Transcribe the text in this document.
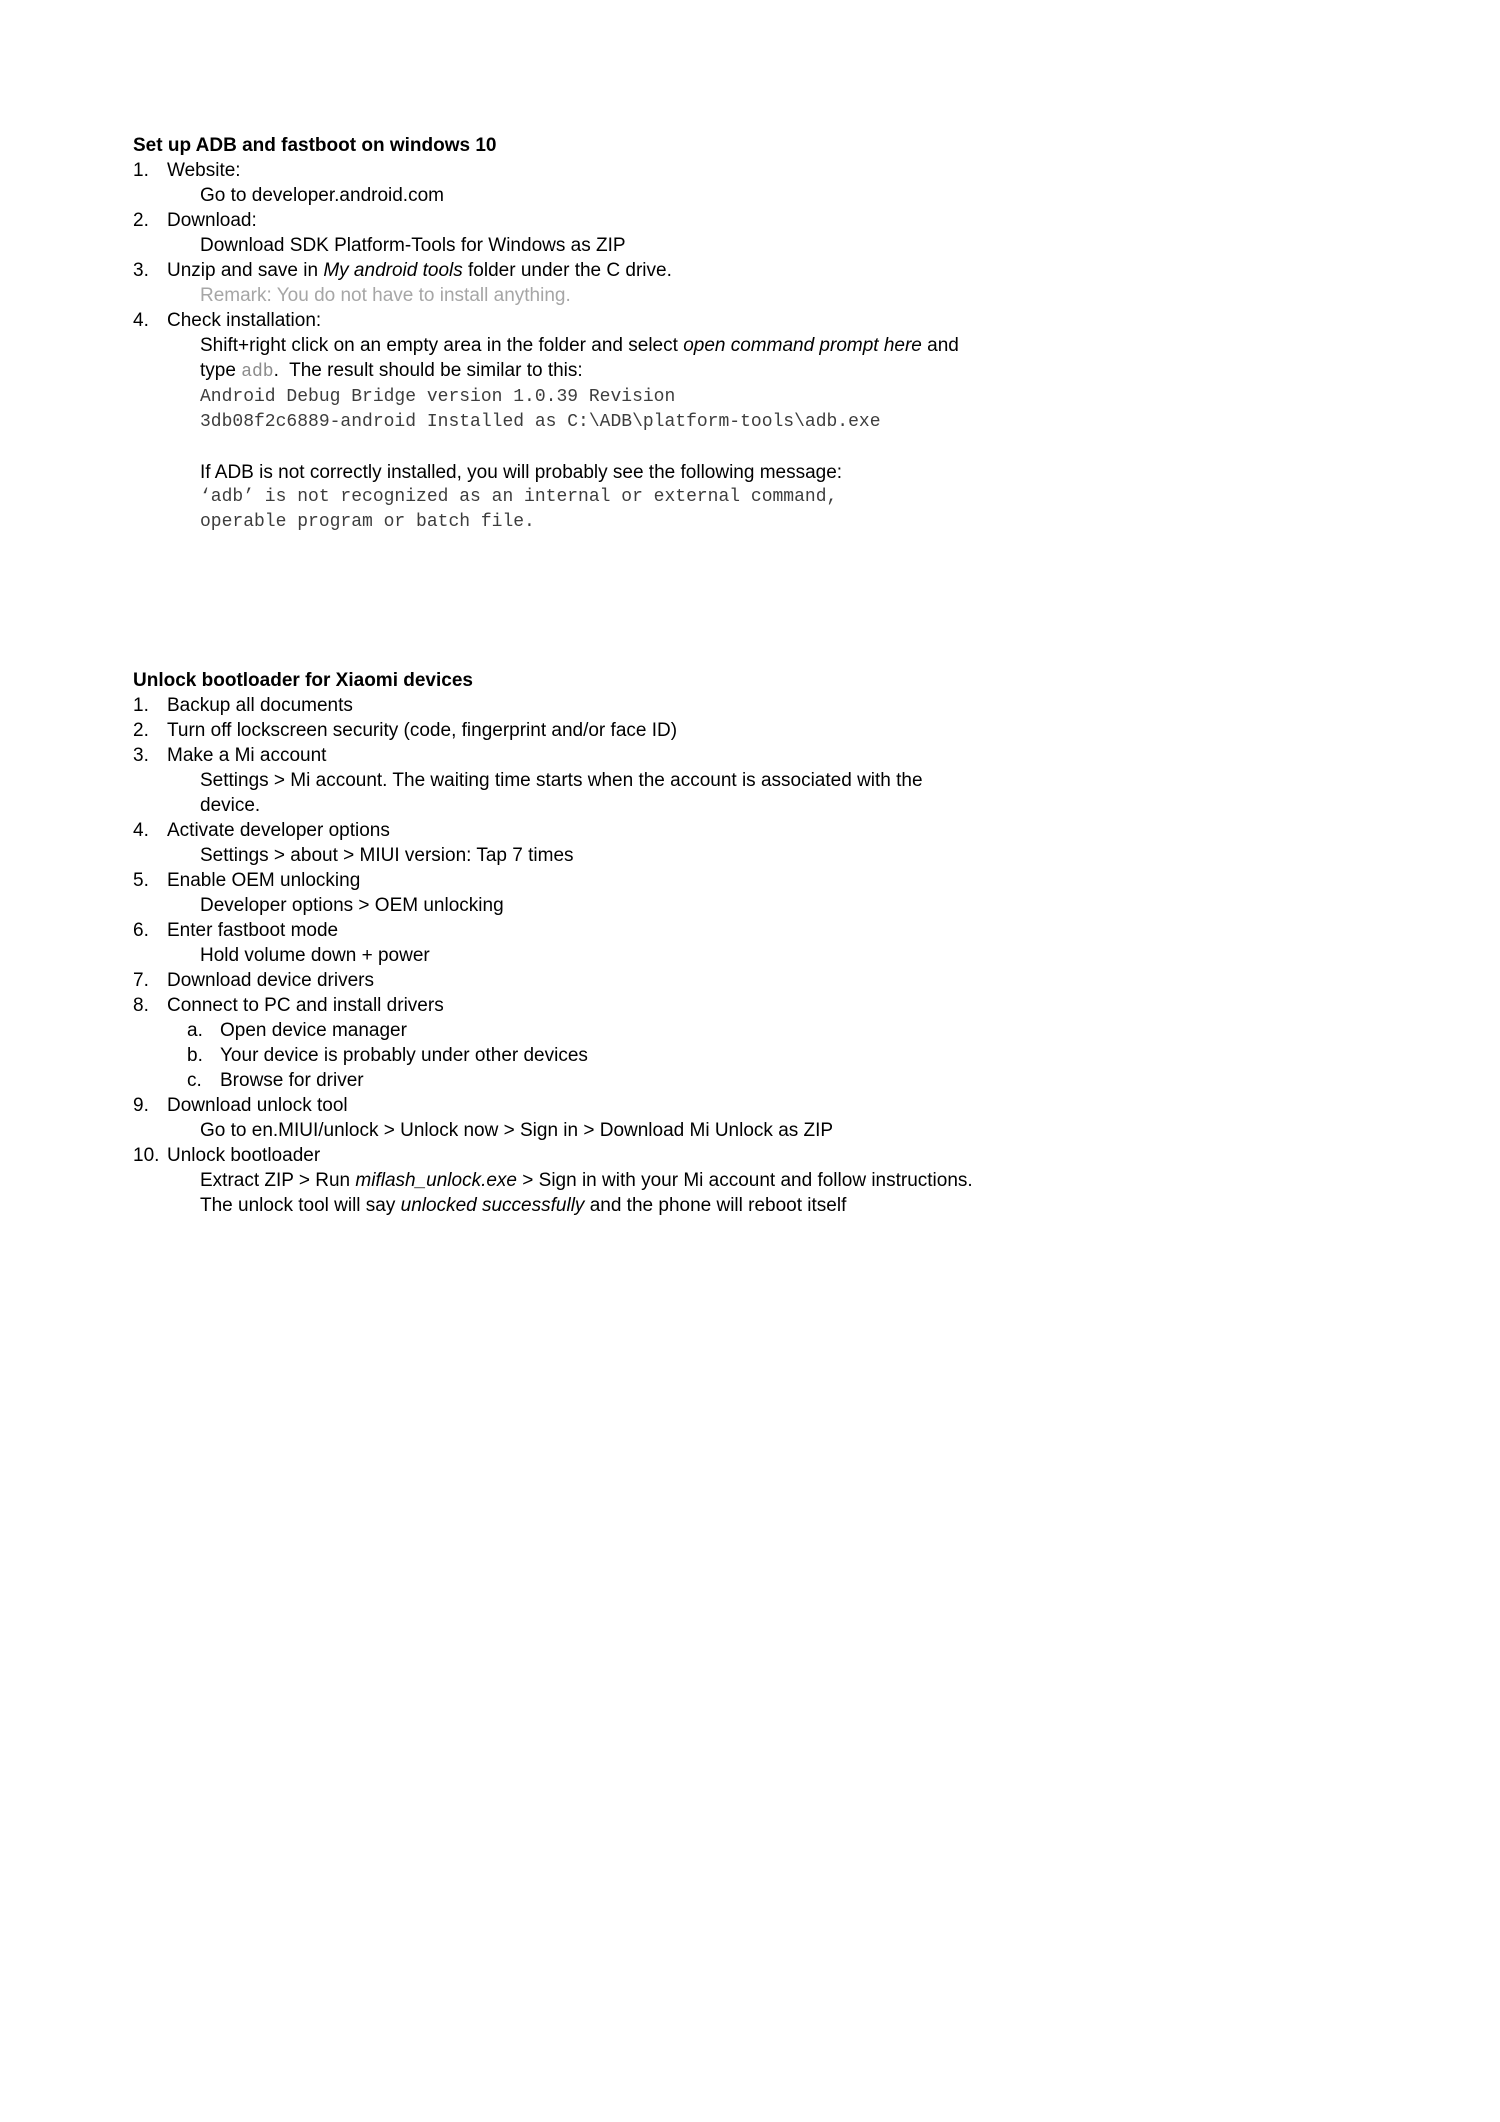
Set up ADB and fastboot on windows 10
1. Website:
Go to developer.android.com
2. Download:
Download SDK Platform-Tools for Windows as ZIP
3. Unzip and save in My android tools folder under the C drive.
Remark: You do not have to install anything.
4. Check installation:
Shift+right click on an empty area in the folder and select open command prompt here and
type adb.  The result should be similar to this:
Android Debug Bridge version 1.0.39 Revision
3db08f2c6889-android Installed as C:\ADB\platform-tools\adb.exe
If ADB is not correctly installed, you will probably see the following message:
‘adb’ is not recognized as an internal or external command,
operable program or batch file.
Unlock bootloader for Xiaomi devices
1. Backup all documents
2. Turn off lockscreen security (code, fingerprint and/or face ID)
3. Make a Mi account
Settings > Mi account. The waiting time starts when the account is associated with the
device.
4. Activate developer options
Settings > about > MIUI version: Tap 7 times
5. Enable OEM unlocking
Developer options > OEM unlocking
6. Enter fastboot mode
Hold volume down + power
7. Download device drivers
8. Connect to PC and install drivers
a. Open device manager
b. Your device is probably under other devices
c. Browse for driver
9. Download unlock tool
Go to en.MIUI/unlock > Unlock now > Sign in > Download Mi Unlock as ZIP
10. Unlock bootloader
Extract ZIP > Run miflash_unlock.exe > Sign in with your Mi account and follow instructions.
The unlock tool will say unlocked successfully and the phone will reboot itself
